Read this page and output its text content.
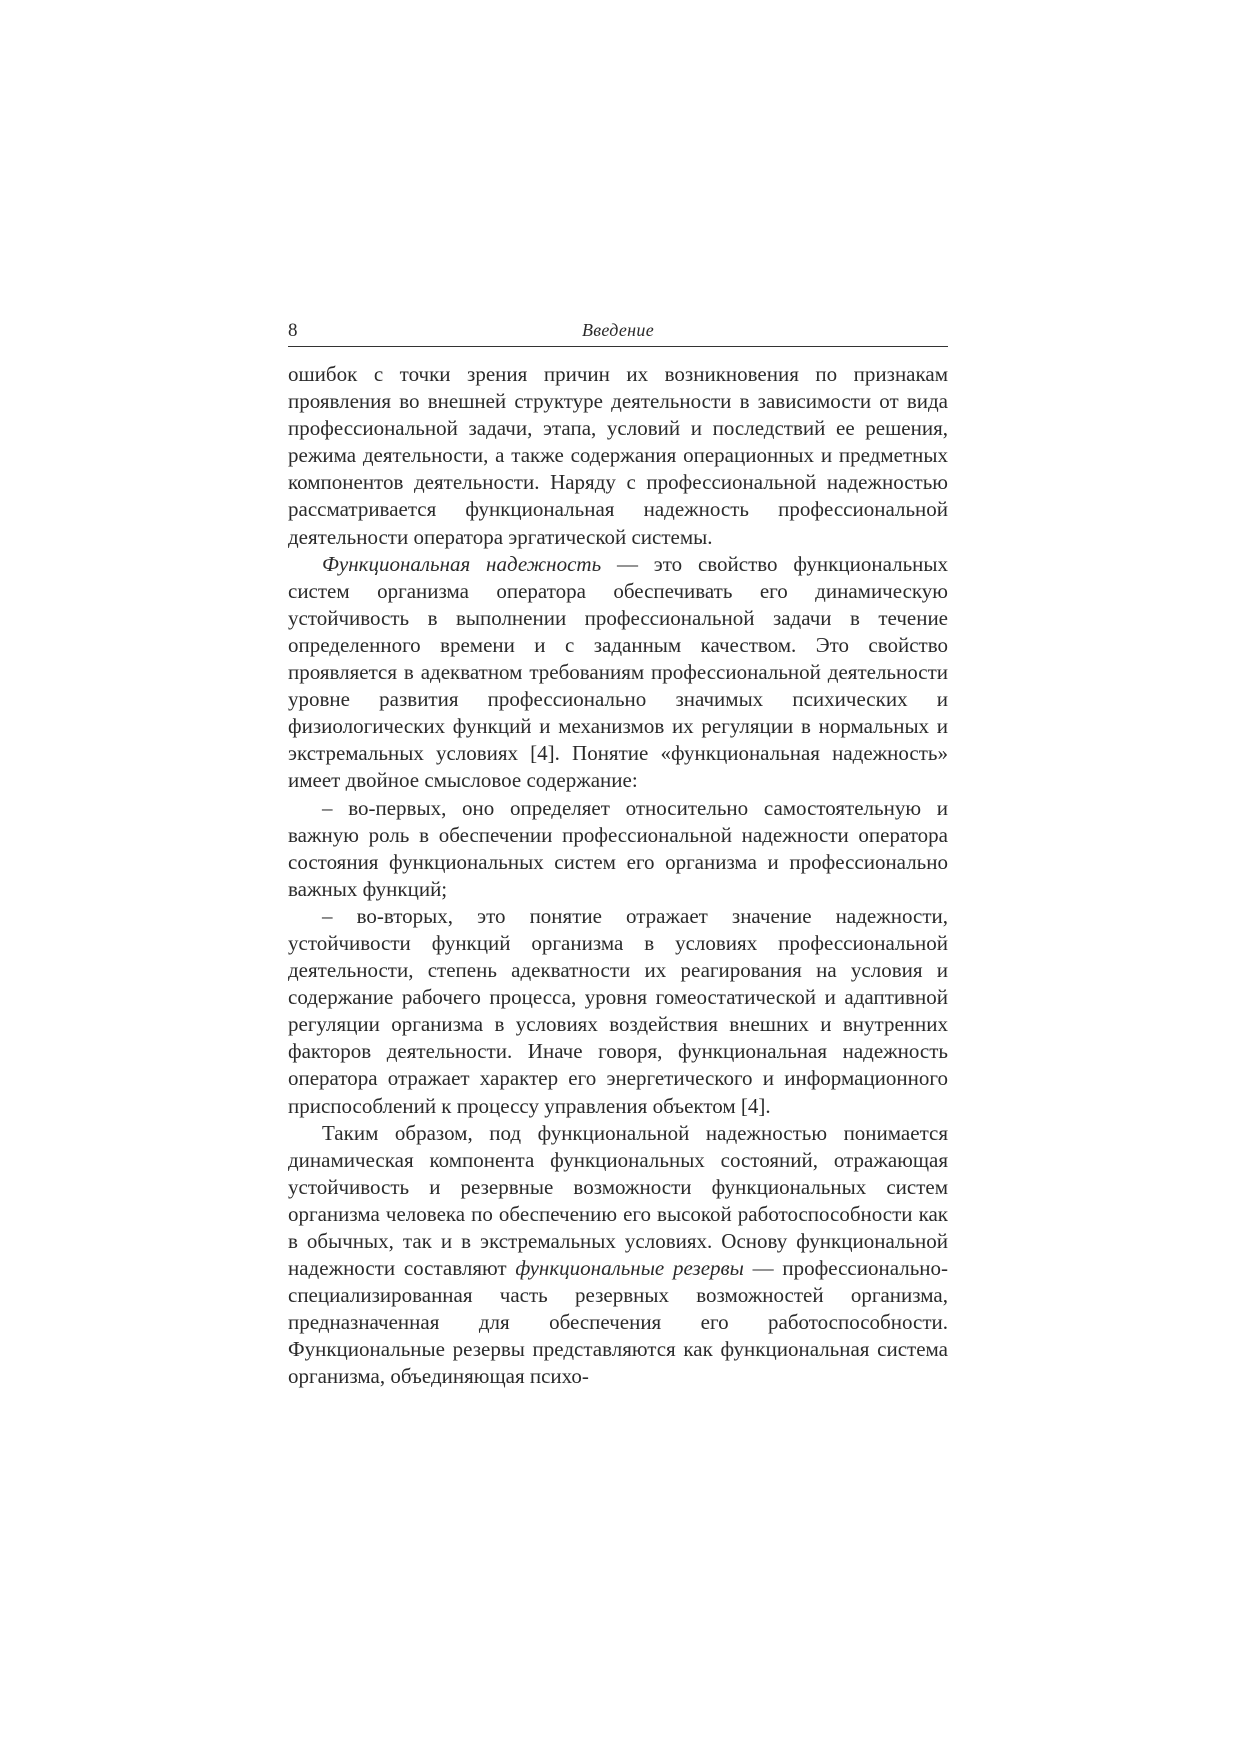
8	Введение

ошибок с точки зрения причин их возникновения по признакам проявления во внешней структуре деятельности в зависимости от вида профессиональной задачи, этапа, условий и последствий ее решения, режима деятельности, а также содержания операционных и предметных компонентов деятельности. Наряду с профессиональной надежностью рассматривается функциональная надежность профессиональной деятельности оператора эргатической системы.

Функциональная надежность — это свойство функциональных систем организма оператора обеспечивать его динамическую устойчивость в выполнении профессиональной задачи в течение определенного времени и с заданным качеством. Это свойство проявляется в адекватном требованиям профессиональной деятельности уровне развития профессионально значимых психических и физиологических функций и механизмов их регуляции в нормальных и экстремальных условиях [4]. Понятие «функциональная надежность» имеет двойное смысловое содержание:

– во-первых, оно определяет относительно самостоятельную и важную роль в обеспечении профессиональной надежности оператора состояния функциональных систем его организма и профессионально важных функций;

– во-вторых, это понятие отражает значение надежности, устойчивости функций организма в условиях профессиональной деятельности, степень адекватности их реагирования на условия и содержание рабочего процесса, уровня гомеостатической и адаптивной регуляции организма в условиях воздействия внешних и внутренних факторов деятельности. Иначе говоря, функциональная надежность оператора отражает характер его энергетического и информационного приспособлений к процессу управления объектом [4].

Таким образом, под функциональной надежностью понимается динамическая компонента функциональных состояний, отражающая устойчивость и резервные возможности функциональных систем организма человека по обеспечению его высокой работоспособности как в обычных, так и в экстремальных условиях. Основу функциональной надежности составляют функциональные резервы — профессионально-специализированная часть резервных возможностей организма, предназначенная для обеспечения его работоспособности. Функциональные резервы представляются как функциональная система организма, объединяющая психо-
